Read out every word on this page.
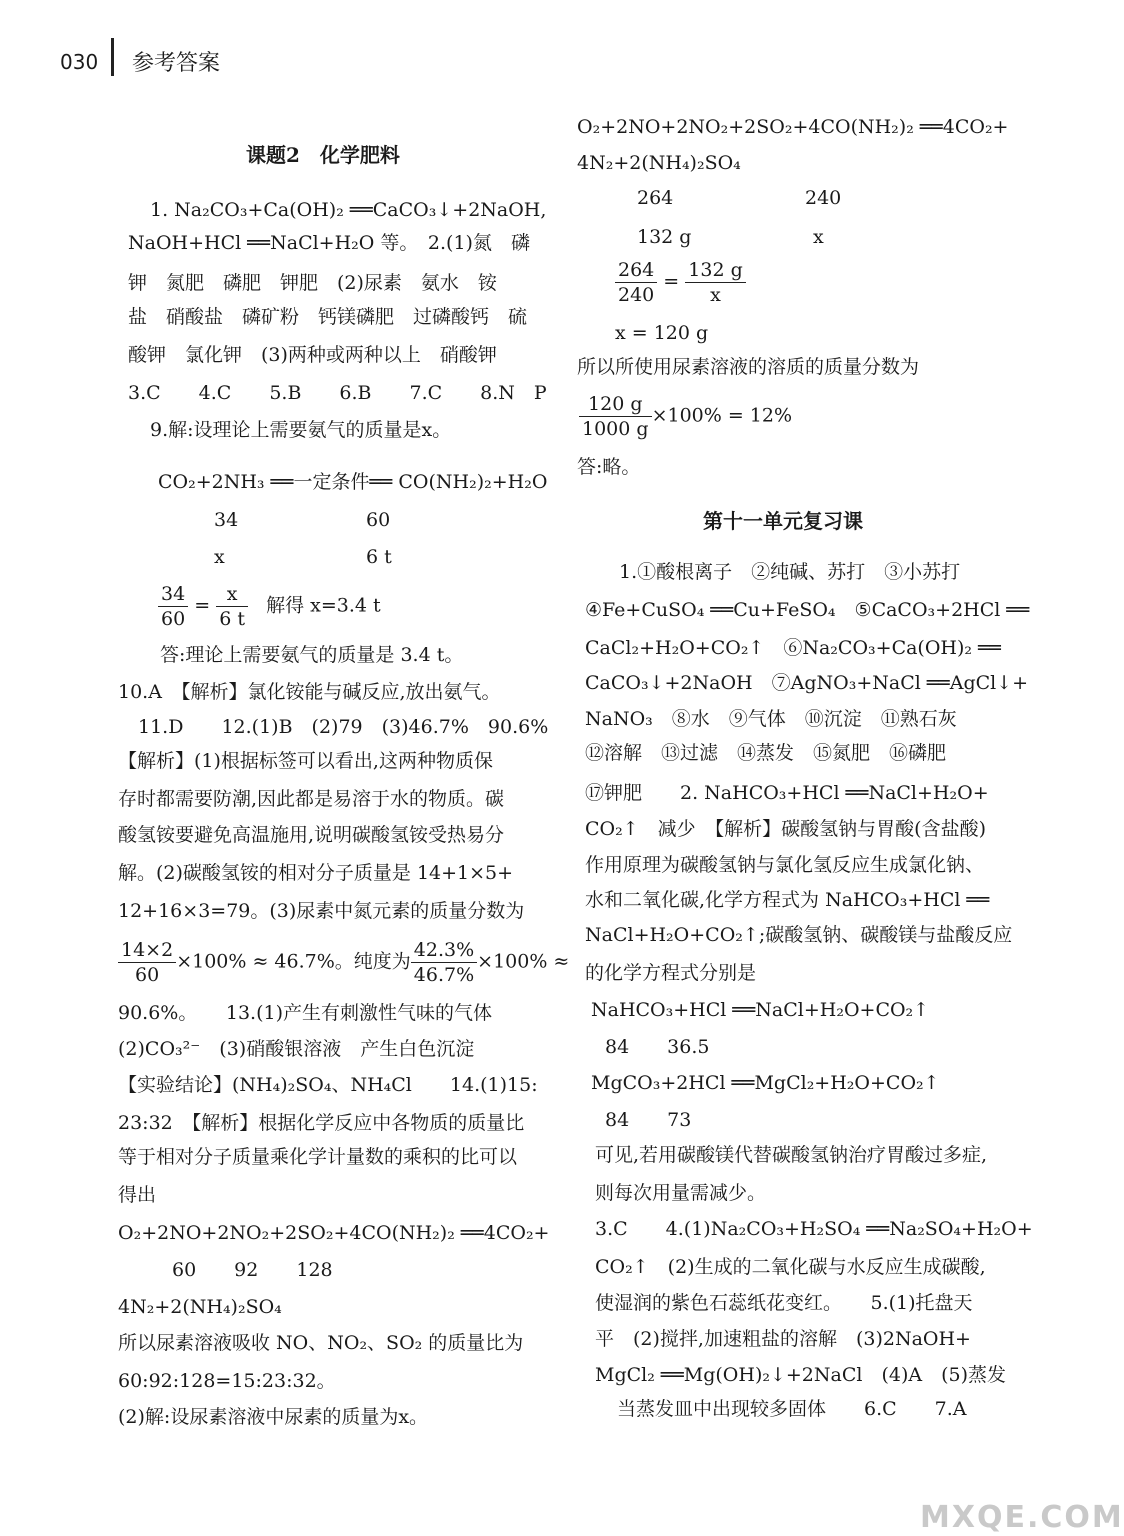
030 参考答案
$\frac{34}{60} = \frac{x}{6 t}$ 解得 x=3.4 t
$\frac{14\times 2}{60} \times 100\% \approx 46.7\%$。纯度为 $\frac{42.3\%}{46.7\%} \times 100\%$ ≈
课题2　化学肥料
1. Na₂CO₃+Ca(OH)₂ ══CaCO₃↓+2NaOH,
NaOH+HCl ══NaCl+H₂O 等。　2.(1)氮　磷
钾　氮肥　磷肥　钾肥　(2)尿素　氨水　铵
盐　硝酸盐　磷矿粉　钙镁磷肥　过磷酸钙　硫
酸钾　氯化钾　(3)两种或两种以上　硝酸钾
3.C　　4.C　　5.B　　6.B　　7.C　　8.N　P
9.解:设理论上需要氨气的质量是x。
CO₂+2NH₃ ══一定条件══ CO(NH₂)₂+H₂O
34	60
x	6 t
答:理论上需要氨气的质量是 3.4 t。
10.A　【解析】氯化铵能与碱反应,放出氨气。
11.D　　12.(1)B　(2)79　(3)46.7%　90.6%
【解析】(1)根据标签可以看出,这两种物质保
存时都需要防潮,因此都是易溶于水的物质。碳
酸氢铵要避免高温施用,说明碳酸氢铵受热易分
解。(2)碳酸氢铵的相对分子质量是 14+1×5+
12+16×3=79。(3)尿素中氮元素的质量分数为
90.6%。　　13.(1)产生有刺激性气味的气体
(2)CO₃²⁻　(3)硝酸银溶液　产生白色沉淀
【实验结论】(NH₄)₂SO₄、NH₄Cl　　14.(1)15:
23:32　【解析】根据化学反应中各物质的质量比
等于相对分子质量乘化学计量数的乘积的比可以
得出
O₂+2NO+2NO₂+2SO₂+4CO(NH₂)₂ ══4CO₂+
60　　92　　128
4N₂+2(NH₄)₂SO₄
所以尿素溶液吸收 NO、NO₂、SO₂ 的质量比为
60:92:128=15:23:32。
(2)解:设尿素溶液中尿素的质量为x。
$\frac{264}{240} = \frac{132 g}{x}$
$\frac{120 g}{1000 g} \times 100\% = 12\%$
O₂+2NO+2NO₂+2SO₂+4CO(NH₂)₂ ══4CO₂+
4N₂+2(NH₄)₂SO₄
264	240
132 g	x
x = 120 g
所以所使用尿素溶液的溶质的质量分数为
答:略。
第十一单元复习课
1.①酸根离子　②纯碱、苏打　③小苏打
④Fe+CuSO₄ ══Cu+FeSO₄　⑤CaCO₃+2HCl ══
CaCl₂+H₂O+CO₂↑　⑥Na₂CO₃+Ca(OH)₂ ══
CaCO₃↓+2NaOH　⑦AgNO₃+NaCl ══AgCl↓+
NaNO₃　⑧水　⑨气体　⑩沉淀　⑪熟石灰
⑫溶解　⑬过滤　⑭蒸发　⑮氮肥　⑯磷肥
⑰钾肥　　2. NaHCO₃+HCl ══NaCl+H₂O+
CO₂↑　减少　【解析】碳酸氢钠与胃酸(含盐酸)
作用原理为碳酸氢钠与氯化氢反应生成氯化钠、
水和二氧化碳,化学方程式为 NaHCO₃+HCl ══
NaCl+H₂O+CO₂↑;碳酸氢钠、碳酸镁与盐酸反应
的化学方程式分别是
NaHCO₃+HCl ══NaCl+H₂O+CO₂↑
84　　36.5
MgCO₃+2HCl ══MgCl₂+H₂O+CO₂↑
84　　73
可见,若用碳酸镁代替碳酸氢钠治疗胃酸过多症,
则每次用量需减少。
3.C　　4.(1)Na₂CO₃+H₂SO₄ ══Na₂SO₄+H₂O+
CO₂↑　(2)生成的二氧化碳与水反应生成碳酸,
使湿润的紫色石蕊纸花变红。　　5.(1)托盘天
平　(2)搅拌,加速粗盐的溶解　(3)2NaOH+
MgCl₂ ══Mg(OH)₂↓+2NaCl　(4)A　(5)蒸发
当蒸发皿中出现较多固体　　6.C　　7.A
MXQE.COM
